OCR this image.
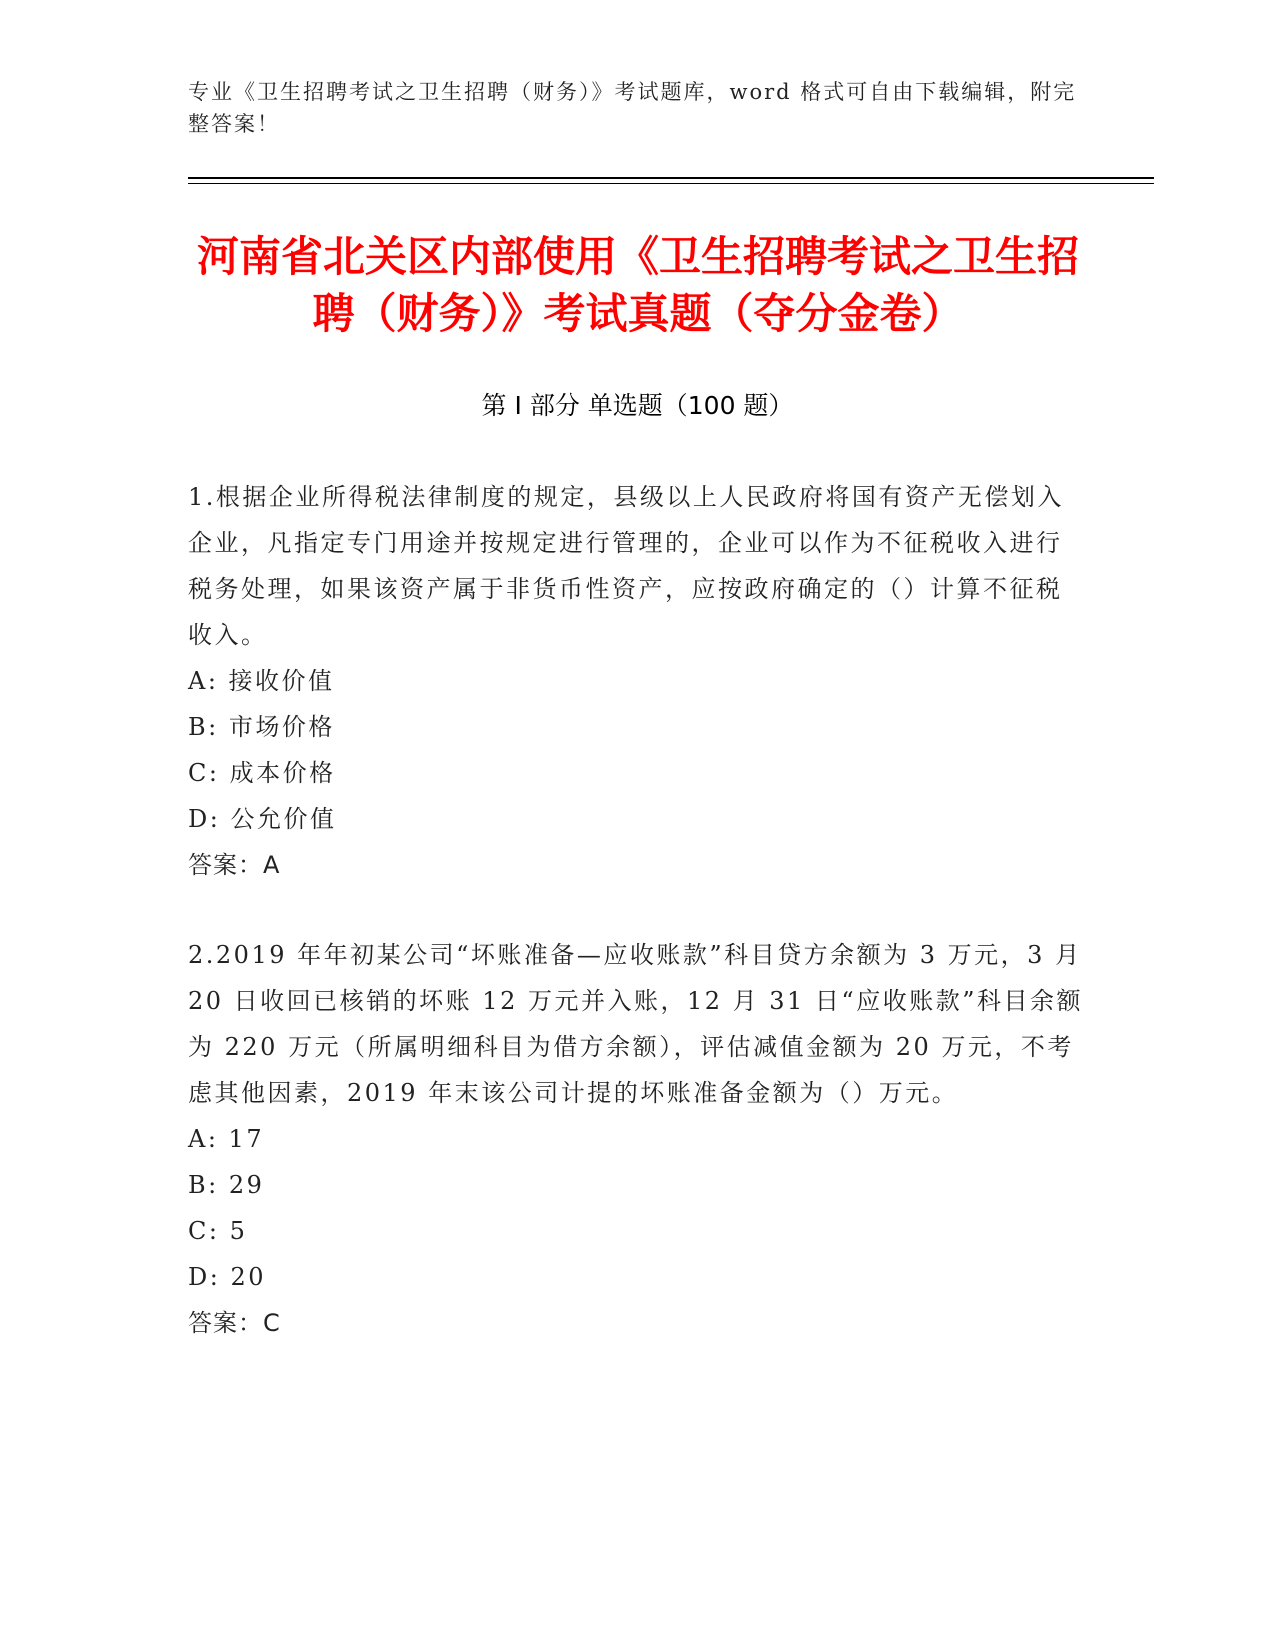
专业《卫生招聘考试之卫生招聘（财务）》考试题库，word 格式可自由下载编辑，附完整答案！
河南省北关区内部使用《卫生招聘考试之卫生招聘（财务）》考试真题（夺分金卷）
第 I 部分 单选题（100 题）

1.根据企业所得税法律制度的规定，县级以上人民政府将国有资产无偿划入企业，凡指定专门用途并按规定进行管理的，企业可以作为不征税收入进行税务处理，如果该资产属于非货币性资产，应按政府确定的（）计算不征税收入。

A: 接收价值

B: 市场价格

C: 成本价格

D: 公允价值

答案：A

2.2019 年年初某公司“坏账准备—应收账款”科目贷方余额为 3 万元，3 月 20 日收回已核销的坏账 12 万元并入账，12 月 31 日“应收账款”科目余额为 220 万元（所属明细科目为借方余额），评估减值金额为 20 万元，不考虑其他因素，2019 年末该公司计提的坏账准备金额为（）万元。

A: 17

B: 29

C: 5

D: 20

答案：C
